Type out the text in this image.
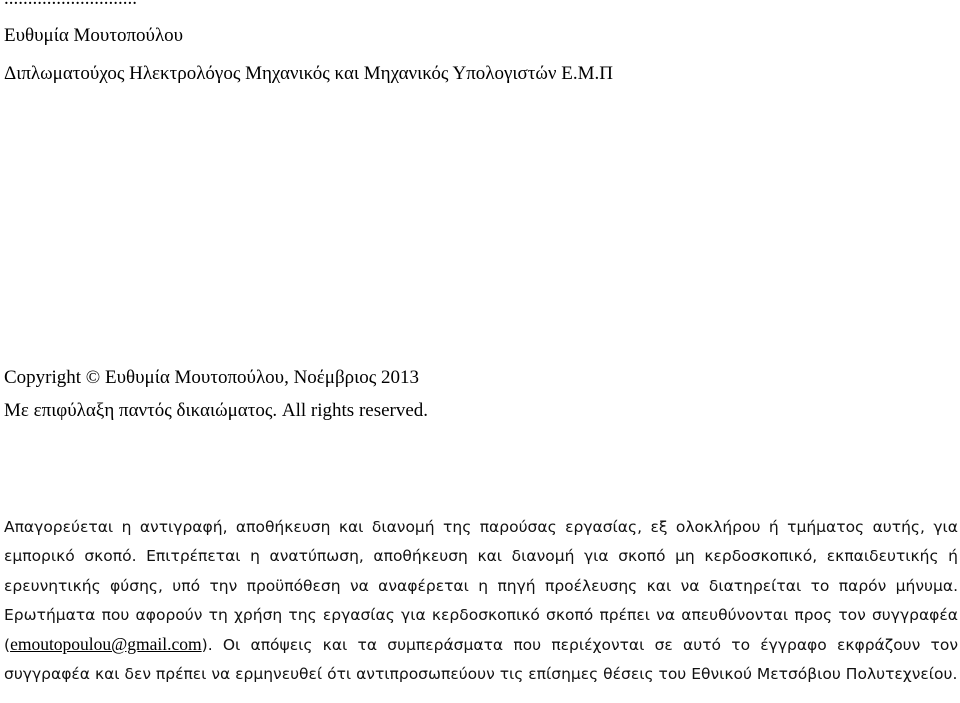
Ευθυμία Μουτοπούλου
Διπλωματούχος Ηλεκτρολόγος Μηχανικός και Μηχανικός Υπολογιστών Ε.Μ.Π
Copyright © Ευθυμία Μουτοπούλου, Νοέμβριος 2013
Με επιφύλαξη παντός δικαιώματος. All rights reserved.
Απαγορεύεται η αντιγραφή, αποθήκευση και διανομή της παρούσας εργασίας, εξ ολοκλήρου ή τμήματος αυτής, για εμπορικό σκοπό. Επιτρέπεται η ανατύπωση, αποθήκευση και διανομή για σκοπό μη κερδοσκοπικό, εκπαιδευτικής ή ερευνητικής φύσης, υπό την προϋπόθεση να αναφέρεται η πηγή προέλευσης και να διατηρείται το παρόν μήνυμα. Ερωτήματα που αφορούν τη χρήση της εργασίας για κερδοσκοπικό σκοπό πρέπει να απευθύνονται προς τον συγγραφέα (emoutopoulou@gmail.com). Οι απόψεις και τα συμπεράσματα που περιέχονται σε αυτό το έγγραφο εκφράζουν τον συγγραφέα και δεν πρέπει να ερμηνευθεί ότι αντιπροσωπεύουν τις επίσημες θέσεις του Εθνικού Μετσόβιου Πολυτεχνείου.
